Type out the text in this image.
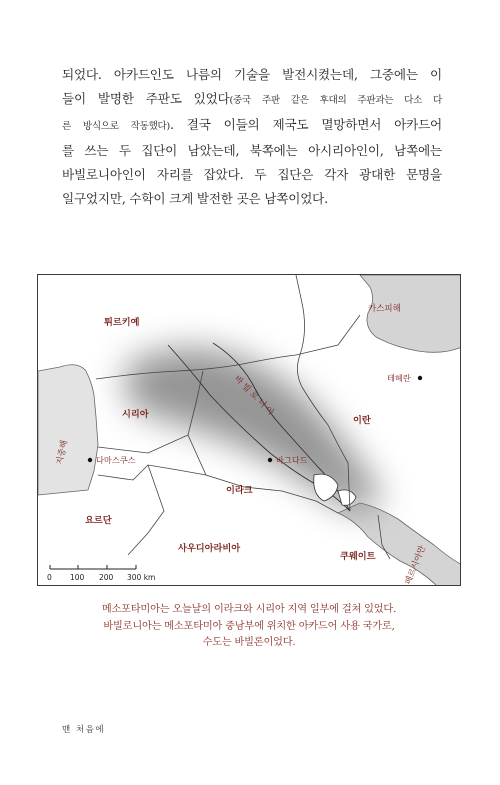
되었다. 아카드인도 나름의 기술을 발전시켰는데, 그중에는 이
들이 발명한 주판도 있었다(중국 주판 같은 후대의 주판과는 다소 다
른 방식으로 작동했다). 결국 이들의 제국도 멸망하면서 아카드어
를 쓰는 두 집단이 남았는데, 북쪽에는 아시리아인이, 남쪽에는
바빌로니아인이 자리를 잡았다. 두 집단은 각자 광대한 문명을
일구었지만, 수학이 크게 발전한 곳은 남쪽이었다.
튀르키예
시리아
이란
이라크
요르단
사우디아라비아
쿠웨이트
카스피해
지중해
페르시아만
바 빌 로 니 아	테헤란
다마스쿠스	바그다드
0 100 200 300 km
메소포타미아는 오늘날의 이라크와 시리아 지역 일부에 걸쳐 있었다.
바빌로니아는 메소포타미아 중남부에 위치한 아카드어 사용 국가로,
수도는 바빌론이었다.
맨 처음에
